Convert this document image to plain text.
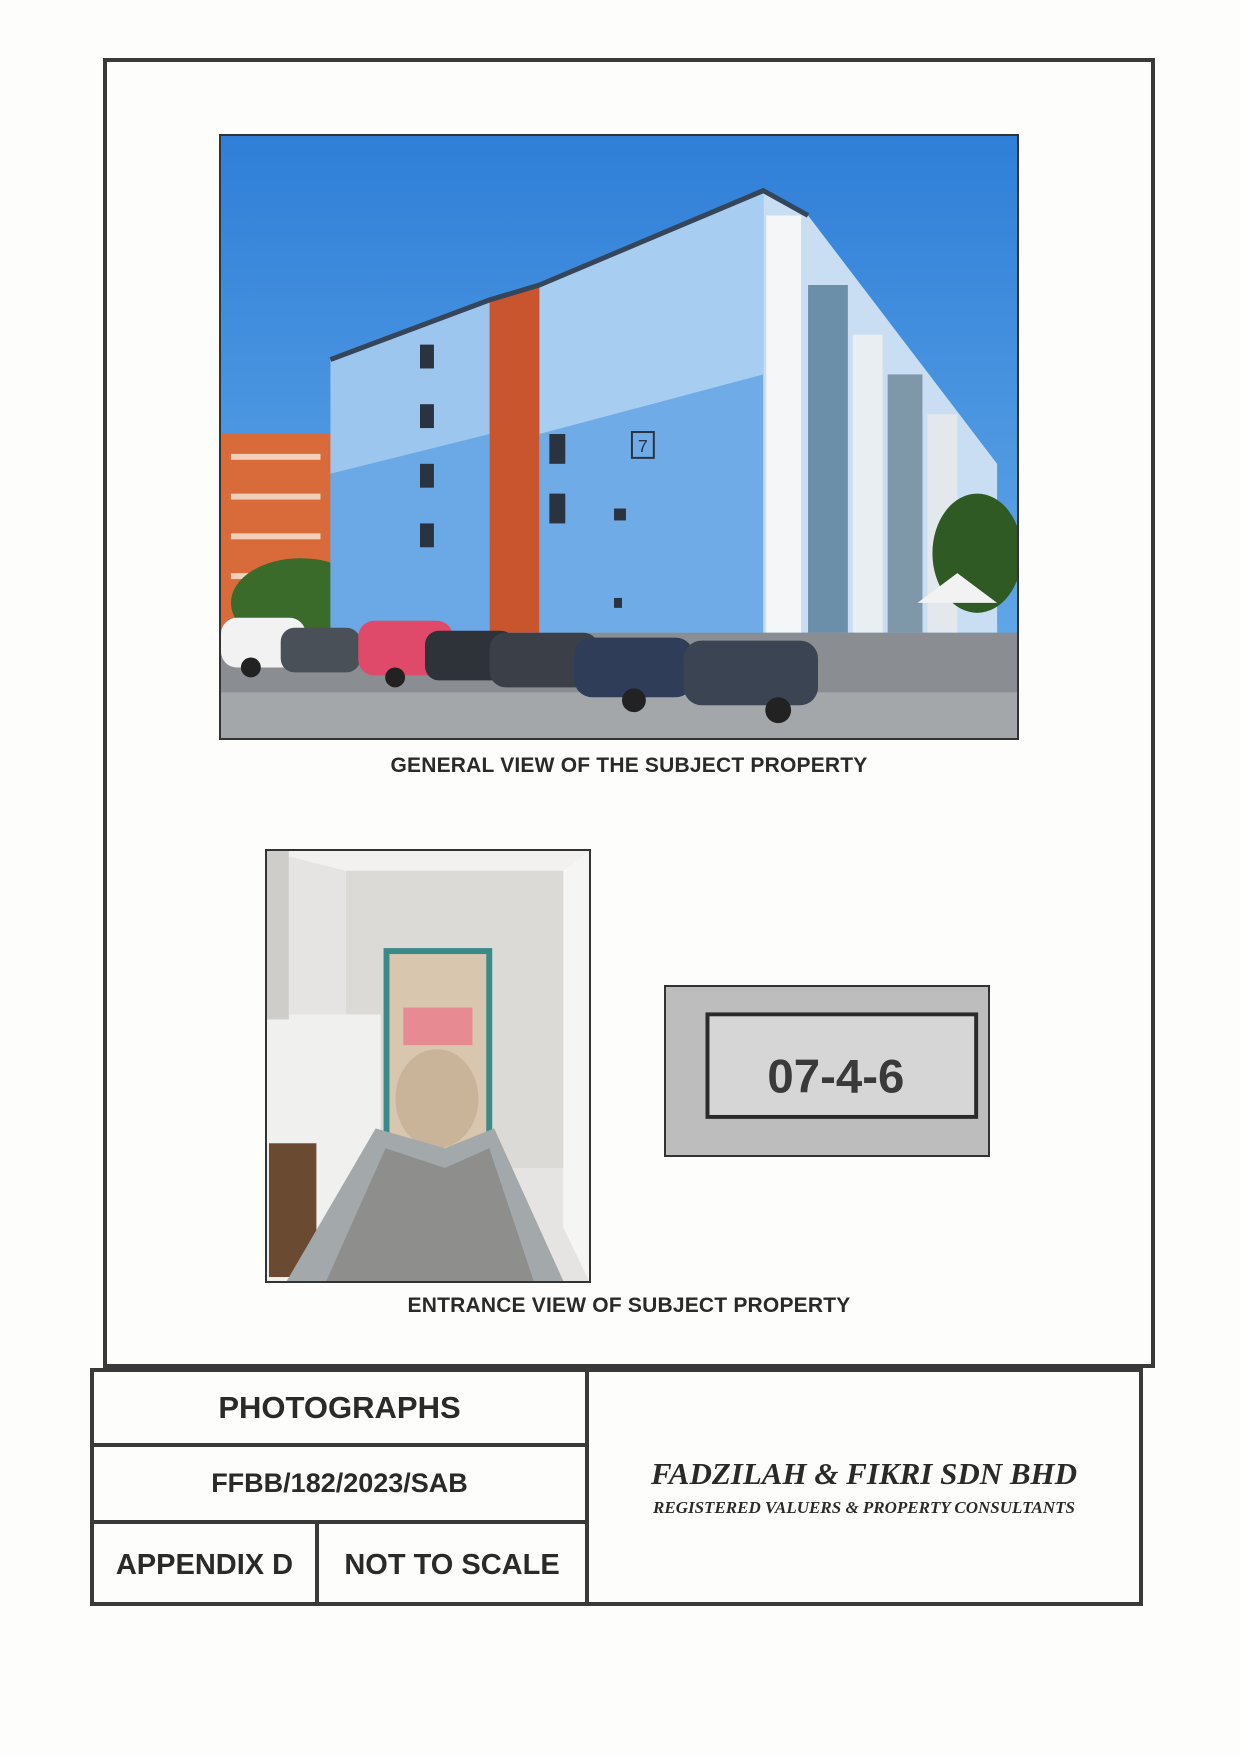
7
GENERAL VIEW OF THE SUBJECT PROPERTY
07-4-6
ENTRANCE VIEW OF SUBJECT PROPERTY
PHOTOGRAPHS
FFBB/182/2023/SAB
APPENDIX D NOT TO SCALE
FADZILAH & FIKRI SDN BHD
REGISTERED VALUERS & PROPERTY CONSULTANTS
